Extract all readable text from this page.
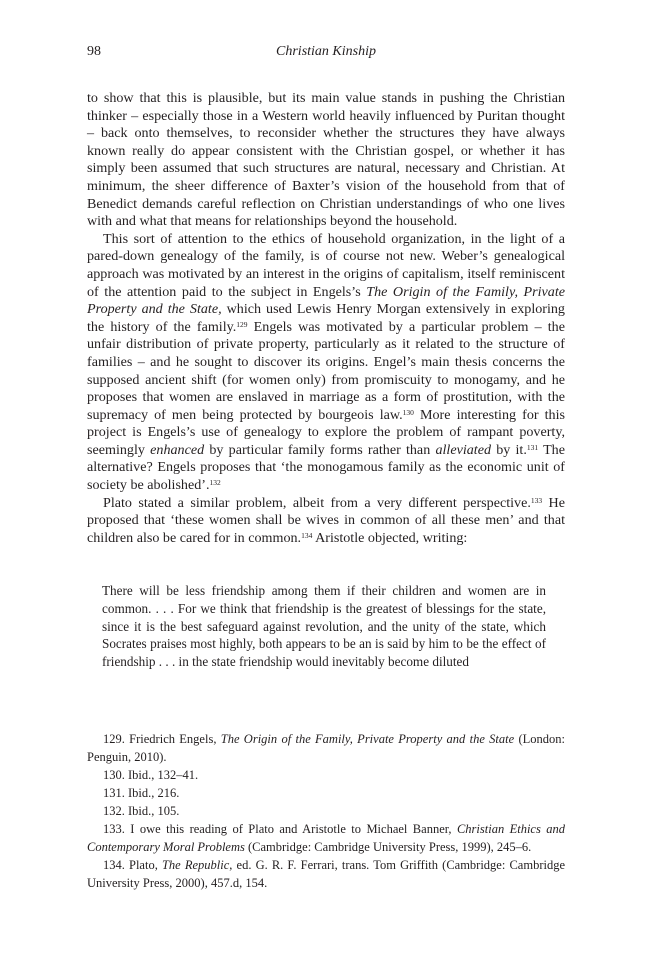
98	Christian Kinship

to show that this is plausible, but its main value stands in pushing the Christian thinker – especially those in a Western world heavily influenced by Puritan thought – back onto themselves, to reconsider whether the structures they have always known really do appear consistent with the Christian gospel, or whether it has simply been assumed that such structures are natural, necessary and Christian. At minimum, the sheer difference of Baxter’s vision of the household from that of Benedict demands careful reflection on Christian understandings of who one lives with and what that means for relationships beyond the household.

This sort of attention to the ethics of household organization, in the light of a pared-down genealogy of the family, is of course not new. Weber’s genealogical approach was motivated by an interest in the origins of capitalism, itself reminiscent of the attention paid to the subject in Engels’s The Origin of the Family, Private Property and the State, which used Lewis Henry Morgan extensively in exploring the history of the family.$^{129}$ Engels was motivated by a particular problem – the unfair distribution of private property, particularly as it related to the structure of families – and he sought to discover its origins. Engel’s main thesis concerns the supposed ancient shift (for women only) from promiscuity to monogamy, and he proposes that women are enslaved in marriage as a form of prostitution, with the supremacy of men being protected by bourgeois law.$^{130}$ More interesting for this project is Engels’s use of genealogy to explore the problem of rampant poverty, seemingly enhanced by particular family forms rather than alleviated by it.$^{131}$ The alternative? Engels proposes that ‘the monogamous family as the economic unit of society be abolished’.$^{132}$

Plato stated a similar problem, albeit from a very different perspective.$^{133}$ He proposed that ‘these women shall be wives in common of all these men’ and that children also be cared for in common.$^{134}$ Aristotle objected, writing:

There will be less friendship among them if their children and women are in common. . . . For we think that friendship is the greatest of blessings for the state, since it is the best safeguard against revolution, and the unity of the state, which Socrates praises most highly, both appears to be an is said by him to be the effect of friendship . . . in the state friendship would inevitably become diluted

129. Friedrich Engels, The Origin of the Family, Private Property and the State (London: Penguin, 2010).

130. Ibid., 132–41.

131. Ibid., 216.

132. Ibid., 105.

133. I owe this reading of Plato and Aristotle to Michael Banner, Christian Ethics and Contemporary Moral Problems (Cambridge: Cambridge University Press, 1999), 245–6.

134. Plato, The Republic, ed. G. R. F. Ferrari, trans. Tom Griffith (Cambridge: Cambridge University Press, 2000), 457.d, 154.
